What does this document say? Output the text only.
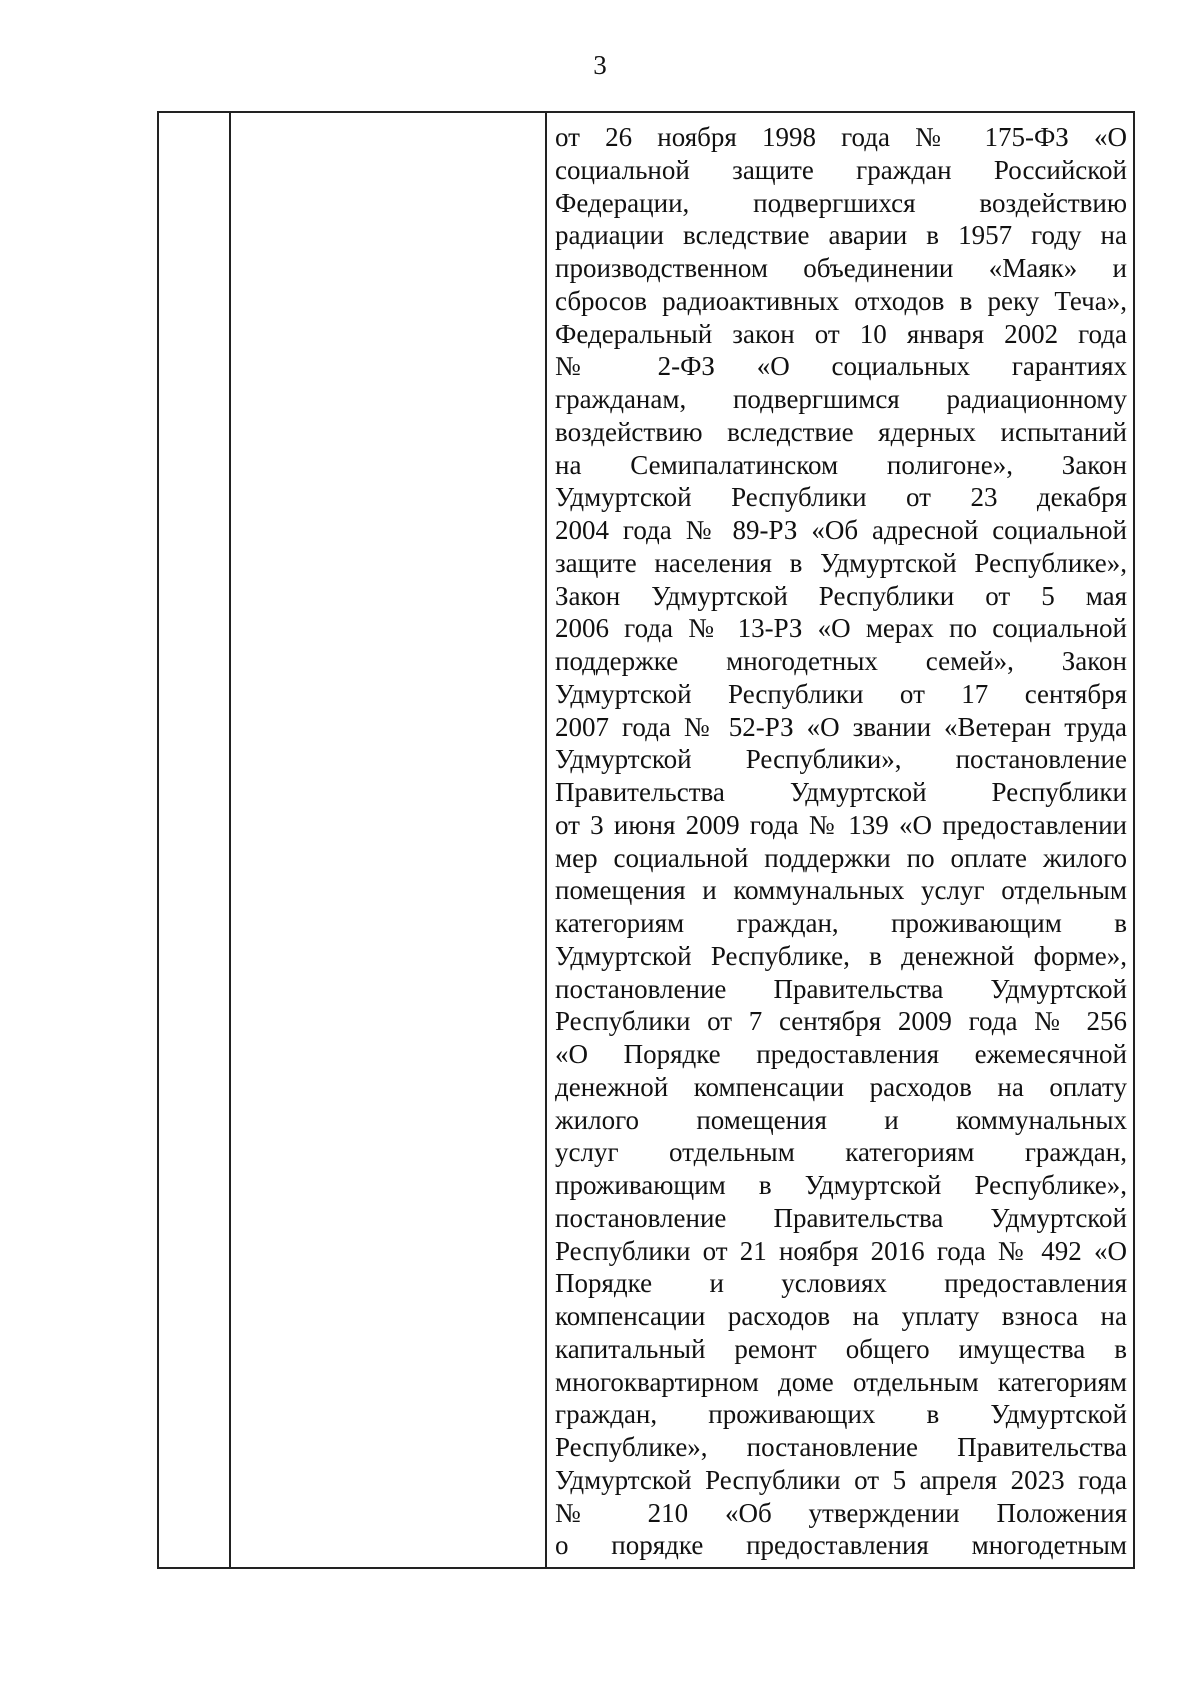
3
от 26 ноября 1998 года № 175-ФЗ «О
социальной защите граждан Российской
Федерации, подвергшихся воздействию
радиации вследствие аварии в 1957 году на
производственном объединении «Маяк» и
сбросов радиоактивных отходов в реку Теча»,
Федеральный закон от 10 января 2002 года
№ 2-ФЗ «О социальных гарантиях
гражданам, подвергшимся радиационному
воздействию вследствие ядерных испытаний
на Семипалатинском полигоне», Закон
Удмуртской Республики от 23 декабря
2004 года № 89-РЗ «Об адресной социальной
защите населения в Удмуртской Республике»,
Закон Удмуртской Республики от 5 мая
2006 года № 13-РЗ «О мерах по социальной
поддержке многодетных семей», Закон
Удмуртской Республики от 17 сентября
2007 года № 52-РЗ «О звании «Ветеран труда
Удмуртской Республики», постановление
Правительства Удмуртской Республики
от 3 июня 2009 года № 139 «О предоставлении
мер социальной поддержки по оплате жилого
помещения и коммунальных услуг отдельным
категориям граждан, проживающим в
Удмуртской Республике, в денежной форме»,
постановление Правительства Удмуртской
Республики от 7 сентября 2009 года № 256
«О Порядке предоставления ежемесячной
денежной компенсации расходов на оплату
жилого помещения и коммунальных
услуг отдельным категориям граждан,
проживающим в Удмуртской Республике»,
постановление Правительства Удмуртской
Республики от 21 ноября 2016 года № 492 «О
Порядке и условиях предоставления
компенсации расходов на уплату взноса на
капитальный ремонт общего имущества в
многоквартирном доме отдельным категориям
граждан, проживающих в Удмуртской
Республике», постановление Правительства
Удмуртской Республики от 5 апреля 2023 года
№ 210 «Об утверждении Положения
о порядке предоставления многодетным
